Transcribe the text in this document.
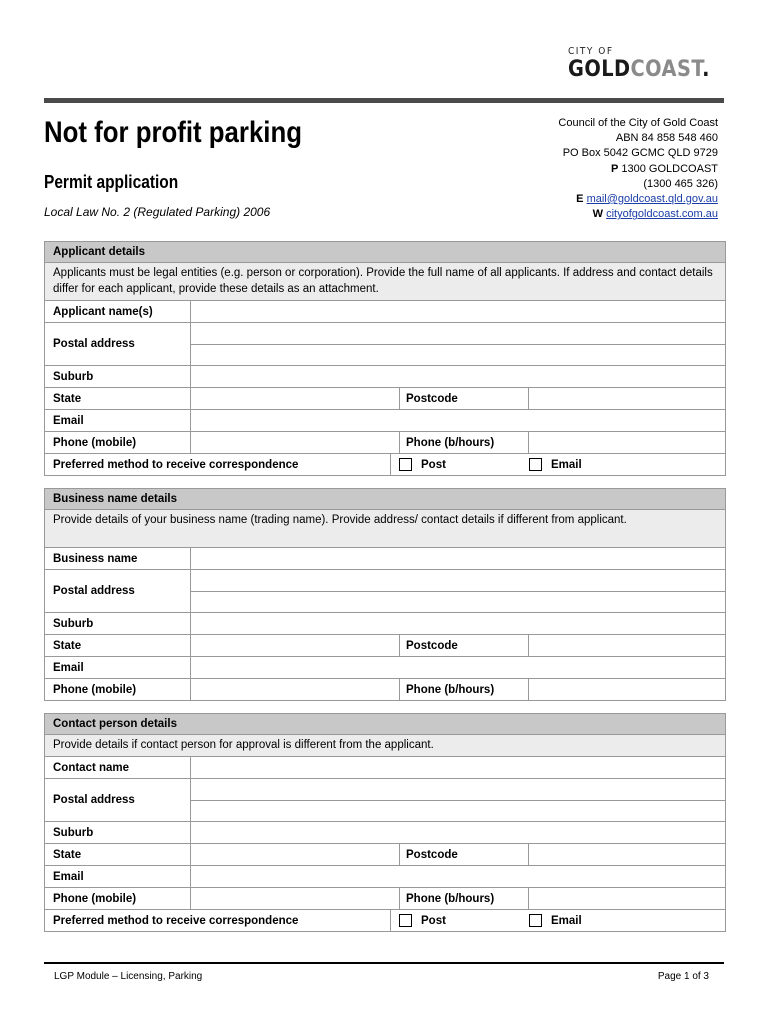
CITY OF
GOLDCOAST.
Not for profit parking
Permit application
Local Law No. 2 (Regulated Parking) 2006
Council of the City of Gold Coast
ABN 84 858 548 460
PO Box 5042 GCMC QLD 9729
P 1300 GOLDCOAST
(1300 465 326)
E mail@goldcoast.qld.gov.au
W cityofgoldcoast.com.au
Applicant details
Applicants must be legal entities (e.g. person or corporation). Provide the full name of all applicants. If address and contact details differ for each applicant, provide these details as an attachment.
Applicant name(s)
Postal address
Suburb
State	Postcode
Email
Phone (mobile)	Phone (b/hours)
Preferred method to receive correspondence	Post	Email
Business name details
Provide details of your business name (trading name). Provide address/ contact details if different from applicant.
Business name
Postal address
Suburb
State	Postcode
Email
Phone (mobile)	Phone (b/hours)
Contact person details
Provide details if contact person for approval is different from the applicant.
Contact name
Postal address
Suburb
State	Postcode
Email
Phone (mobile)	Phone (b/hours)
Preferred method to receive correspondence	Post	Email
LGP Module – Licensing, Parking	Page 1 of 3
